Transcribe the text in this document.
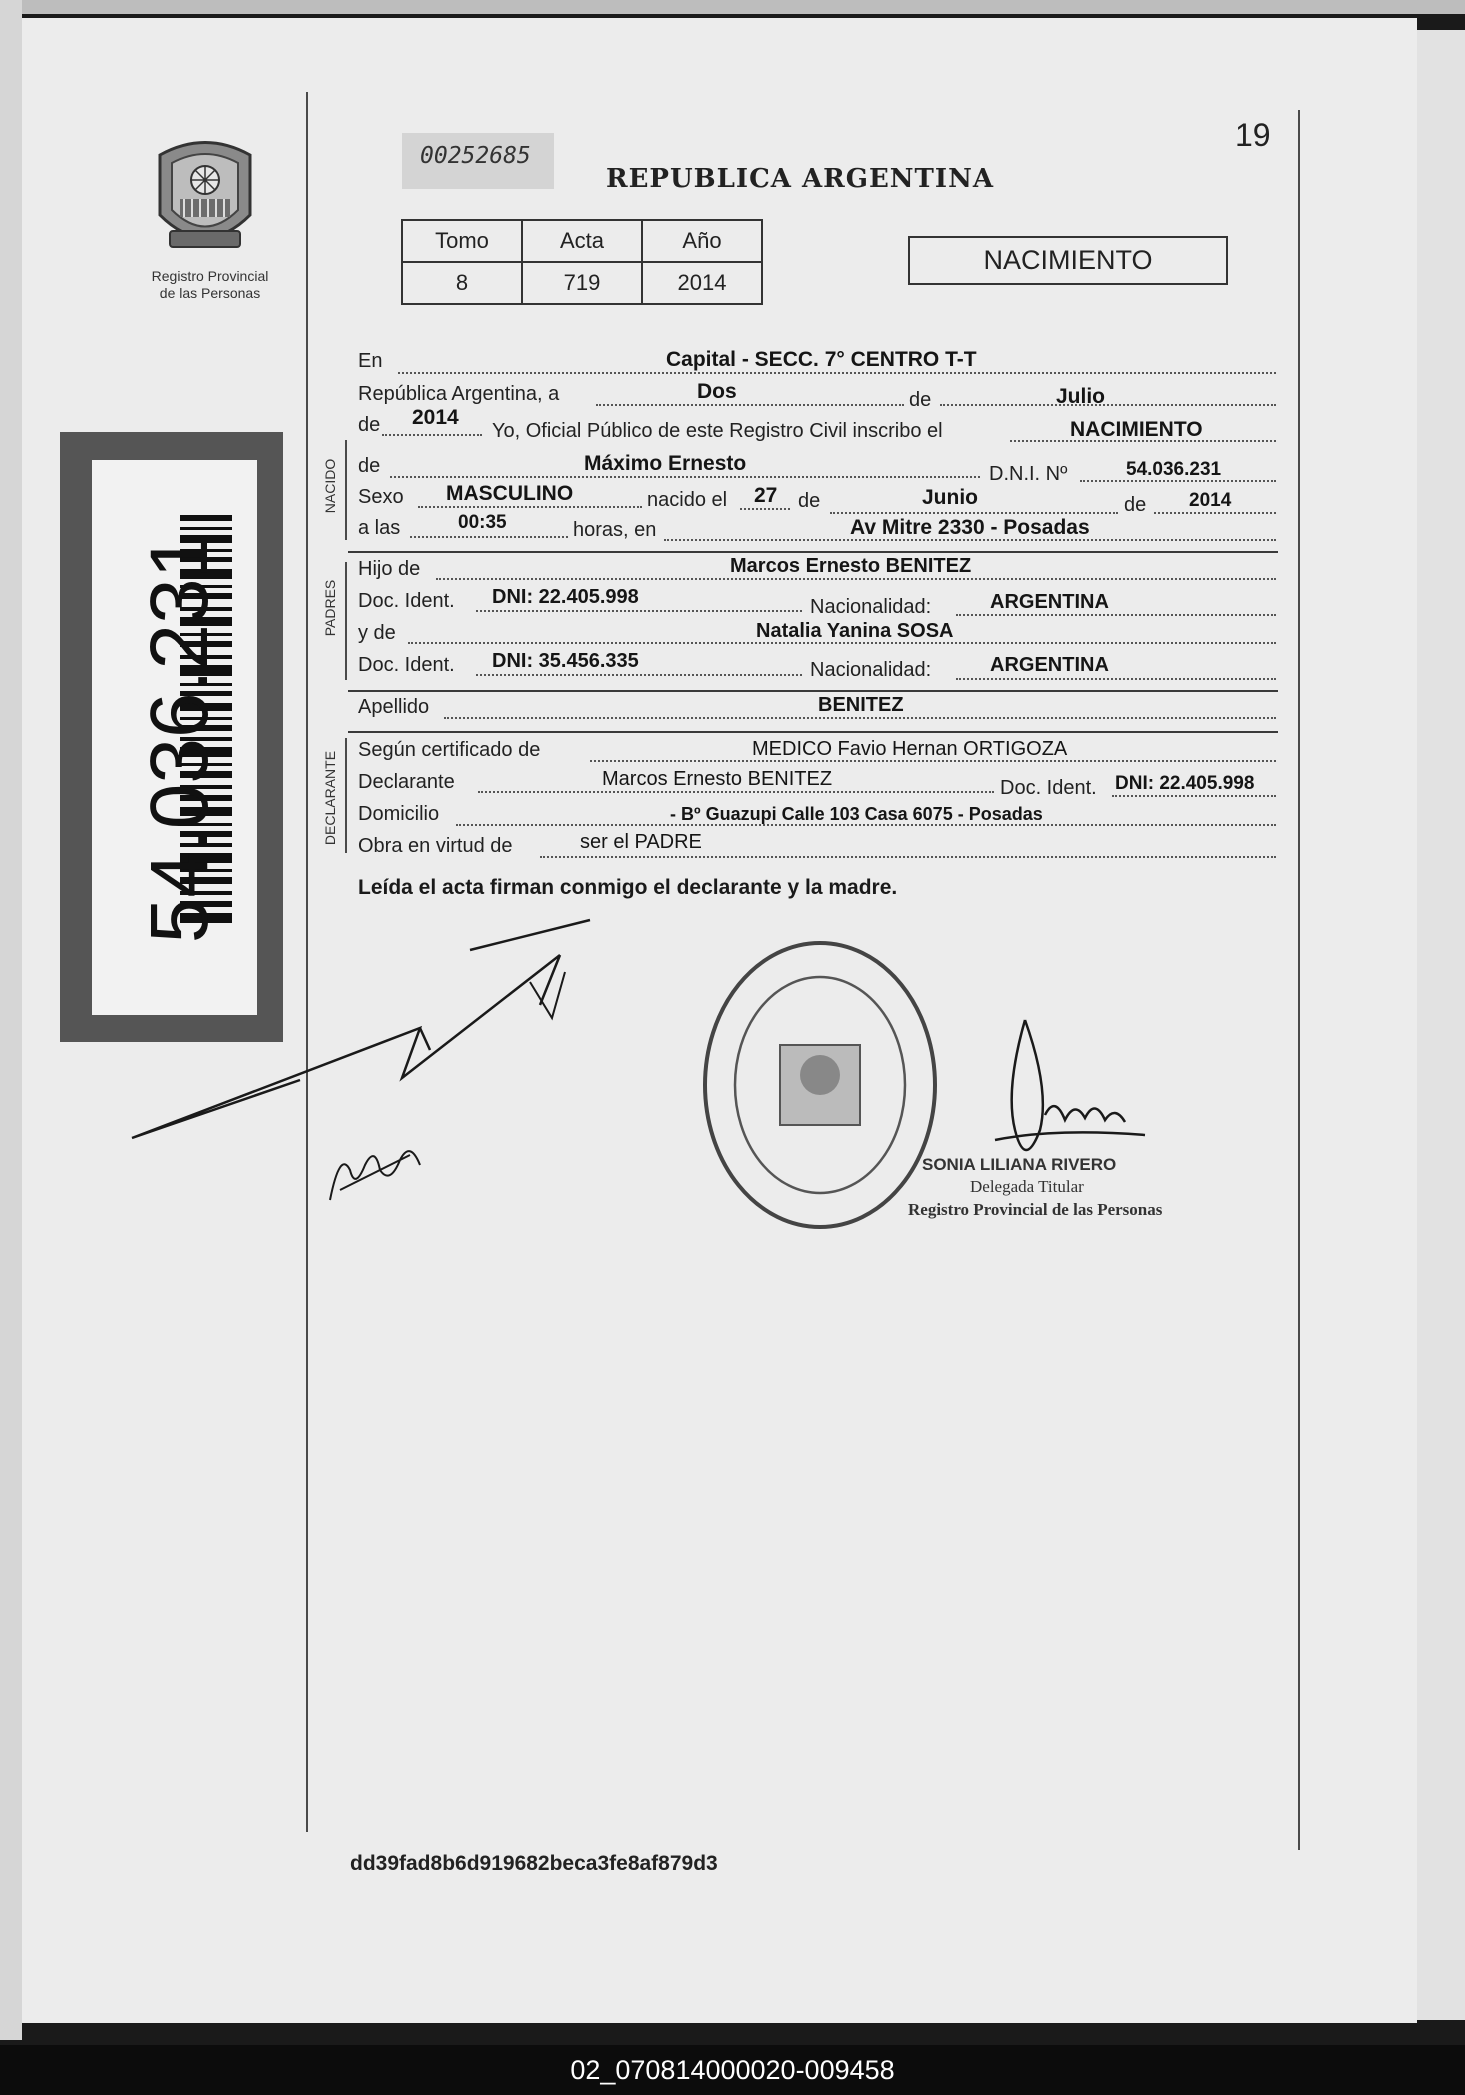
Registro Provincial
de las Personas
00252685
REPUBLICA ARGENTINA
19
Tomo	Acta	Año
8	719	2014
NACIMIENTO
54.036.231
NACIDO
PADRES
DECLARANTE
En	Capital - SECC. 7° CENTRO T-T
República Argentina, a	Dos	de	Julio
de 2014
Yo, Oficial Público de este Registro Civil inscribo el	NACIMIENTO
de	Máximo Ernesto	D.N.I. Nº	54.036.231
Sexo MASCULINO	nacido el 27 de	Junio	de 2014
a las	00:35	horas, en	Av Mitre 2330 - Posadas
Hijo de	Marcos Ernesto BENITEZ
Doc. Ident. DNI: 22.405.998	Nacionalidad:	ARGENTINA
y de	Natalia Yanina SOSA
Doc. Ident. DNI: 35.456.335	Nacionalidad:	ARGENTINA
Apellido	BENITEZ
Según certificado de	MEDICO Favio Hernan ORTIGOZA
Declarante	Marcos Ernesto BENITEZ	Doc. Ident. DNI: 22.405.998
Domicilio	- Bº Guazupi Calle 103 Casa 6075 - Posadas
Obra en virtud de	ser el PADRE
Leída el acta firman conmigo el declarante y la madre.
SONIA LILIANA RIVERO
Delegada Titular
Registro Provincial de las Personas
dd39fad8b6d919682beca3fe8af879d3
02_070814000020-009458
